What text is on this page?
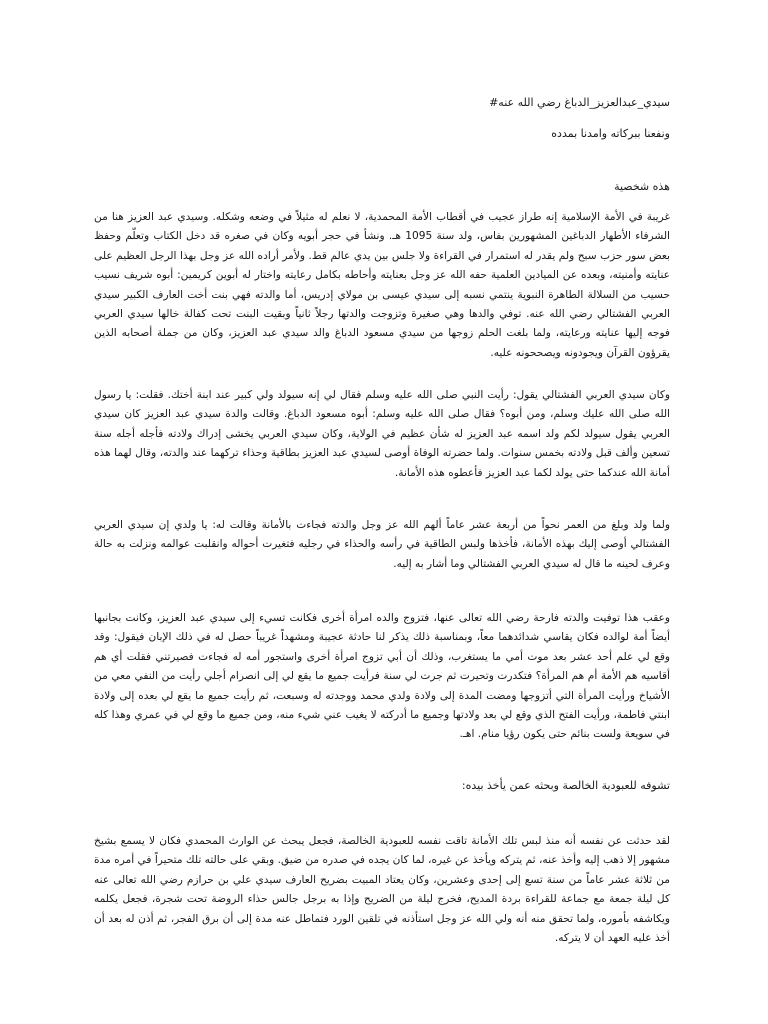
سيدي_عبدالعزيز_الدباغ رضي الله عنه#
ونفعنا ببركاته وامدنا بمدده
هذه شخصية
غريبة في الأمة الإسلامية إنه طراز عجيب في أقطاب الأمة المحمدية، لا نعلم له مثيلاً في وضعه وشكله. وسيدي عبد العزيز هنا من الشرفاء الأطهار الدباغين المشهورين بفاس، ولد سنة 1095 هـ. ونشأ في حجر أبويه وكان في صغره قد دخل الكتاب وتعلّم وحفظ بعض سور حزب سبح ولم يقدر له استمرار في القراءة ولا جلس بين يدي عالم قط. ولأمر أراده الله عز وجل بهذا الرجل العظيم على عنايته وأمنيته، وبعده عن الميادين العلمية حفه الله عز وجل بعنايته وأحاطه بكامل رعايته واختار له أبوين كريمين: أبوه شريف نسيب حسيب من السلالة الطاهرة النبوية ينتمي نسبه إلى سيدي عيسى بن مولاي إدريس، أما والدته فهي بنت أخت العارف الكبير سيدي العربي الفشتالي رضي الله عنه. توفي والدها وهي صغيرة وتزوجت والدتها رجلاً ثانياً وبقيت البنت تحت كفالة خالها سيدي العربي فوجه إليها عنايته ورعايته، ولما بلغت الحلم زوجها من سيدي مسعود الدباغ والد سيدي عبد العزيز، وكان من جملة أصحابه الذين يقرؤون القرآن ويجودونه ويصححونه عليه.
وكان سيدي العربي الفشتالي يقول: رأيت النبي صلى الله عليه وسلم فقال لي إنه سيولد ولي كبير عند ابنة أختك. فقلت: يا رسول الله صلى الله عليك وسلم، ومن أبوه؟ فقال صلى الله عليه وسلم: أبوه مسعود الدباغ. وقالت والدة سيدي عبد العزيز كان سيدي العربي يقول سيولد لكم ولد اسمه عبد العزيز له شأن عظيم في الولاية، وكان سيدي العربي يخشى إدراك ولادته فأجله أجله سنة تسعين وألف قبل ولادته بخمس سنوات. ولما حضرته الوفاة أوصى لسيدي عبد العزيز بطاقية وحذاء تركهما عند والدته، وقال لهما هذه أمانة الله عندكما حتى يولد لكما عبد العزيز فأعطوه هذه الأمانة.
ولما ولد وبلغ من العمر نحواً من أربعة عشر عاماً ألهم الله عز وجل والدته فجاءت بالأمانة وقالت له: يا ولدي إن سيدي العربي الفشتالي أوصى إليك بهذه الأمانة، فأخذها ولبس الطاقية في رأسه والحذاء في رجليه فتغيرت أحواله وانقلبت عوالمه ونزلت به حالة وعرف لحينه ما قال له سيدي العربي الفشتالي وما أشار به إليه.
وعقب هذا توفيت والدته فارحة رضي الله تعالى عنها، فتزوج والده امرأة أخرى فكانت تسيء إلى سيدي عبد العزيز، وكانت بجانبها أيضاً أمة لوالده فكان يقاسي شدائدهما معاً، وبمناسبة ذلك يذكر لنا حادثة عجيبة ومشهداً غريباً حصل له في ذلك الإبان فيقول: وقد وقع لي علم أحد عشر بعد موت أمي ما يستغرب، وذلك أن أبي تزوج امرأة أخرى واستجور أمه له فجاءت فصيرتني فقلت أي هم أقاسيه هم الأمة أم هم المرأة؟ فتكدرت وتحيرت ثم جرت لي سنة فرأيت جميع ما يقع لي إلى انصرام أجلي رأيت من النفي معي من الأشياخ ورأيت المرأة التي أتزوجها ومضت المدة إلى ولادة ولدي محمد ووجدته له وسبعت، ثم رأيت جميع ما يقع لي بعده إلى ولادة ابنتي فاطمة، ورأيت الفتح الذي وقع لي بعد ولادتها وجميع ما أدركته لا يغيب عني شيء منه، ومن جميع ما وقع لي في عمري وهذا كله في سويعة ولست بنائم حتى يكون رؤيا منام. اهـ.
تشوفه للعبودية الخالصة وبحثه عمن يأخذ بيده:
لقد حدثت عن نفسه أنه منذ لبس تلك الأمانة تاقت نفسه للعبودية الخالصة، فجعل يبحث عن الوارث المحمدي فكان لا يسمع بشيخ مشهور إلا ذهب إليه وأخذ عنه، ثم يتركه ويأخذ عن غيره، لما كان يجده في صدره من ضيق. وبقي على حالته تلك متحيراً في أمره مدة من ثلاثة عشر عاماً من سنة تسع إلى إحدى وعشرين، وكان يعتاد المبيت بضريح العارف سيدي علي بن حرازم رضي الله تعالى عنه كل ليلة جمعة مع جماعة للقراءة بردة المديح، فخرج ليلة من الضريح وإذا به برجل جالس حذاء الروضة تحت شجرة، فجعل يكلمه ويكاشفه بأموره، ولما تحقق منه أنه ولي الله عز وجل استأذنه في تلقين الورد فتماطل عنه مدة إلى أن برق الفجر، ثم أذن له بعد أن أخذ عليه العهد أن لا يتركه.
